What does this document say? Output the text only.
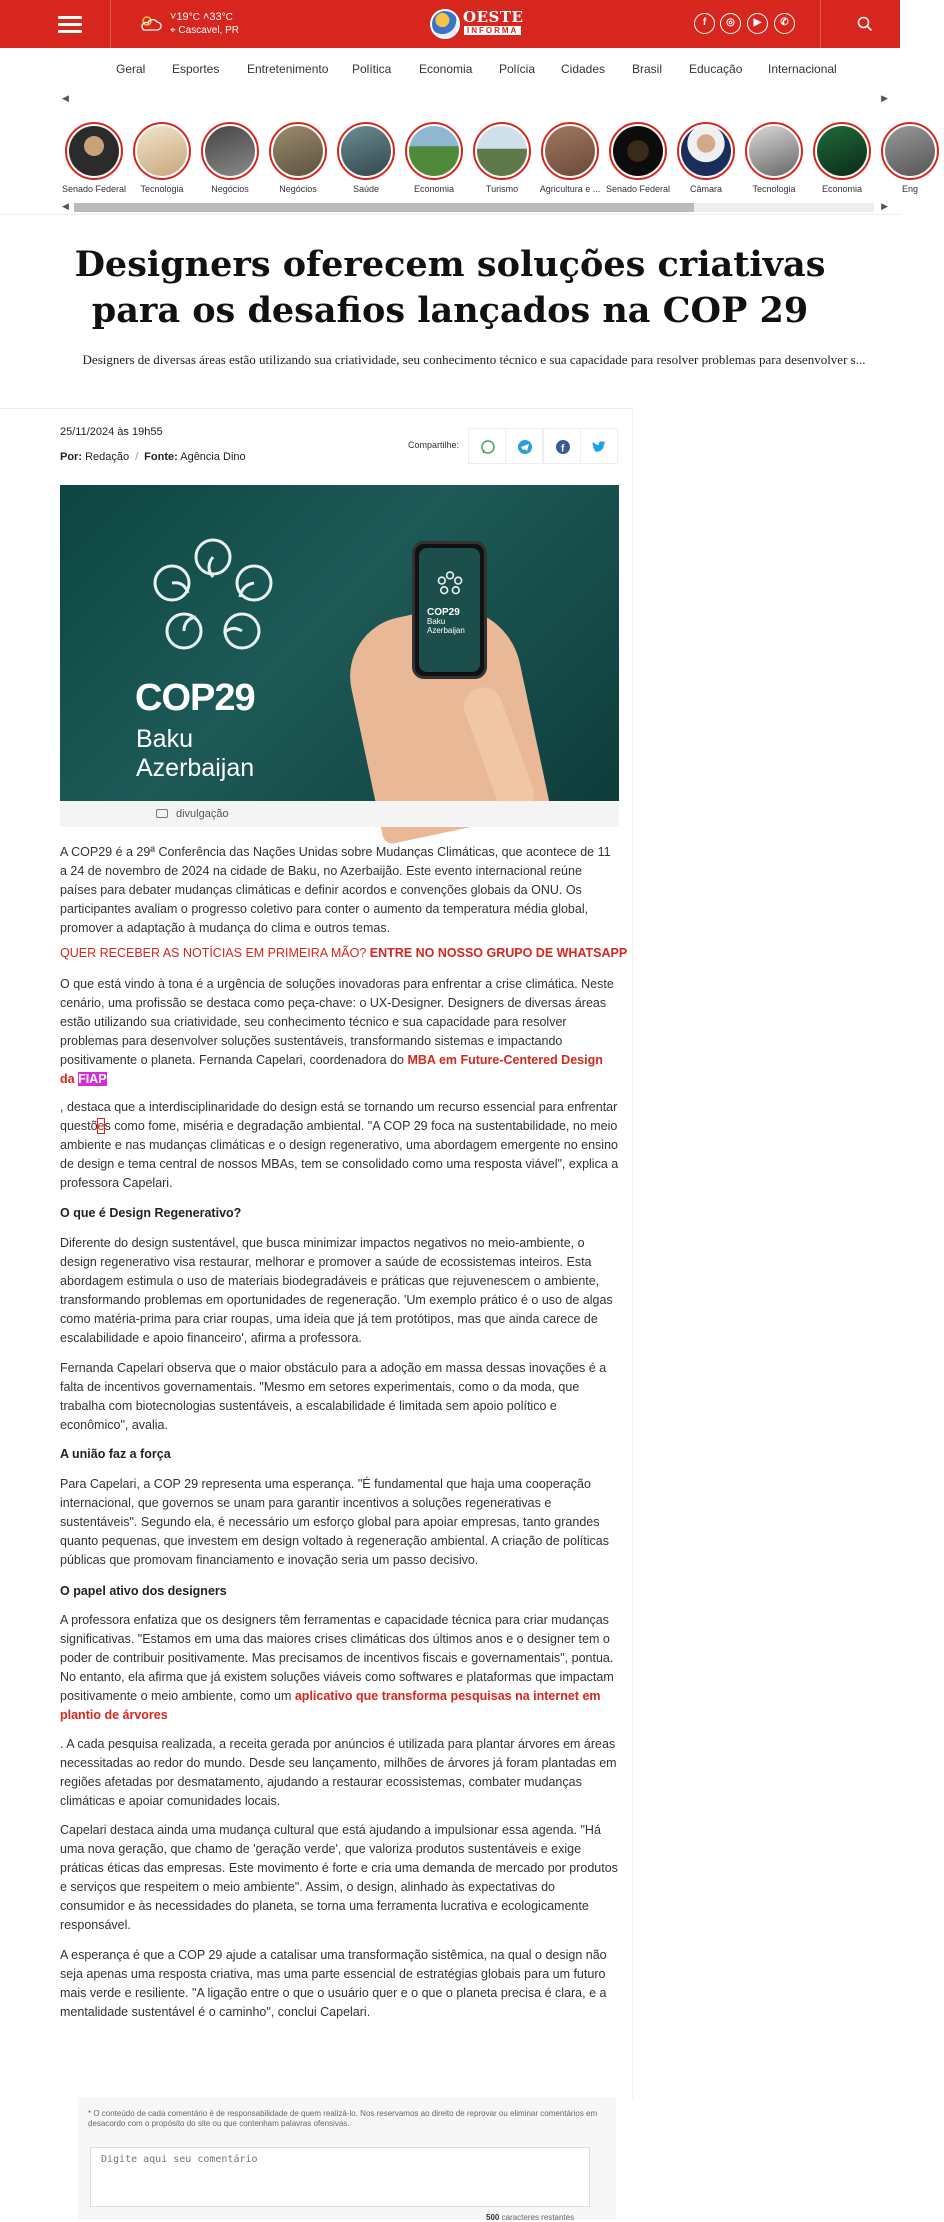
˅19°C ˄33°C
⌖ Cascavel, PR
OESTE
INFORMA
f	◎	▶	✆
Geral Esportes Entretenimento Política Economia Polícia Cidades Brasil Educação Internacional
◀	▶
Senado Federal	Tecnologia	Negócios	Negócios	Saúde	Economia	Turismo	Agricultura e ... Senado Federal	Câmara	Tecnologia	Economia	Eng
◀	▶
Designers oferecem soluções criativas para os desafios lançados na COP 29
Designers de diversas áreas estão utilizando sua criatividade, seu conhecimento técnico e sua capacidade para resolver problemas para desenvolver s...
25/11/2024 às 19h55
Por: Redação / Fonte: Agência Dino
Compartilhe:	f
COP29
Baku
Azerbaijan
COP29
Baku
Azerbaijan
divulgação

A COP29 é a 29ª Conferência das Nações Unidas sobre Mudanças Climáticas, que acontece de 11 a 24 de novembro de 2024 na cidade de Baku, no Azerbaijão. Este evento internacional reúne países para debater mudanças climáticas e definir acordos e convenções globais da ONU. Os participantes avaliam o progresso coletivo para conter o aumento da temperatura média global, promover a adaptação à mudança do clima e outros temas.

QUER RECEBER AS NOTÍCIAS EM PRIMEIRA MÃO? ENTRE NO NOSSO GRUPO DE WHATSAPP

O que está vindo à tona é a urgência de soluções inovadoras para enfrentar a crise climática. Neste cenário, uma profissão se destaca como peça-chave: o UX-Designer. Designers de diversas áreas estão utilizando sua criatividade, seu conhecimento técnico e sua capacidade para resolver problemas para desenvolver soluções sustentáveis, transformando sistemas e impactando positivamente o planeta. Fernanda Capelari, coordenadora do MBA em Future-Centered Design da FIAP

, destaca que a interdisciplinaridade do design está se tornando um recurso essencial para enfrentar questões como fome, miséria e degradação ambiental. "A COP 29 foca na sustentabilidade, no meio ambiente e nas mudanças climáticas e o design regenerativo, uma abordagem emergente no ensino de design e tema central de nossos MBAs, tem se consolidado como uma resposta viável", explica a professora Capelari.

O que é Design Regenerativo?

Diferente do design sustentável, que busca minimizar impactos negativos no meio-ambiente, o design regenerativo visa restaurar, melhorar e promover a saúde de ecossistemas inteiros. Esta abordagem estimula o uso de materiais biodegradáveis e práticas que rejuvenescem o ambiente, transformando problemas em oportunidades de regeneração. 'Um exemplo prático é o uso de algas como matéria-prima para criar roupas, uma ideia que já tem protótipos, mas que ainda carece de escalabilidade e apoio financeiro', afirma a professora.

Fernanda Capelari observa que o maior obstáculo para a adoção em massa dessas inovações é a falta de incentivos governamentais. "Mesmo em setores experimentais, como o da moda, que trabalha com biotecnologias sustentáveis, a escalabilidade é limitada sem apoio político e econômico", avalia.

A união faz a força

Para Capelari, a COP 29 representa uma esperança. "É fundamental que haja uma cooperação internacional, que governos se unam para garantir incentivos a soluções regenerativas e sustentáveis". Segundo ela, é necessário um esforço global para apoiar empresas, tanto grandes quanto pequenas, que investem em design voltado à regeneração ambiental. A criação de políticas públicas que promovam financiamento e inovação seria um passo decisivo.

O papel ativo dos designers

A professora enfatiza que os designers têm ferramentas e capacidade técnica para criar mudanças significativas. "Estamos em uma das maiores crises climáticas dos últimos anos e o designer tem o poder de contribuir positivamente. Mas precisamos de incentivos fiscais e governamentais", pontua. No entanto, ela afirma que já existem soluções viáveis como softwares e plataformas que impactam positivamente o meio ambiente, como um aplicativo que transforma pesquisas na internet em plantio de árvores

. A cada pesquisa realizada, a receita gerada por anúncios é utilizada para plantar árvores em áreas necessitadas ao redor do mundo. Desde seu lançamento, milhões de árvores já foram plantadas em regiões afetadas por desmatamento, ajudando a restaurar ecossistemas, combater mudanças climáticas e apoiar comunidades locais.

Capelari destaca ainda uma mudança cultural que está ajudando a impulsionar essa agenda. "Há uma nova geração, que chamo de 'geração verde', que valoriza produtos sustentáveis e exige práticas éticas das empresas. Este movimento é forte e cria uma demanda de mercado por produtos e serviços que respeitem o meio ambiente". Assim, o design, alinhado às expectativas do consumidor e às necessidades do planeta, se torna uma ferramenta lucrativa e ecologicamente responsável.

A esperança é que a COP 29 ajude a catalisar uma transformação sistêmica, na qual o design não seja apenas uma resposta criativa, mas uma parte essencial de estratégias globais para um futuro mais verde e resiliente. "A ligação entre o que o usuário quer e o que o planeta precisa é clara, e a mentalidade sustentável é o caminho", conclui Capelari.

* O conteúdo de cada comentário é de responsabilidade de quem realizá-lo. Nos reservamos ao direito de reprovar ou eliminar comentários em desacordo com o propósito do site ou que contenham palavras ofensivas.
Digite aqui seu comentário
500 caracteres restantes
